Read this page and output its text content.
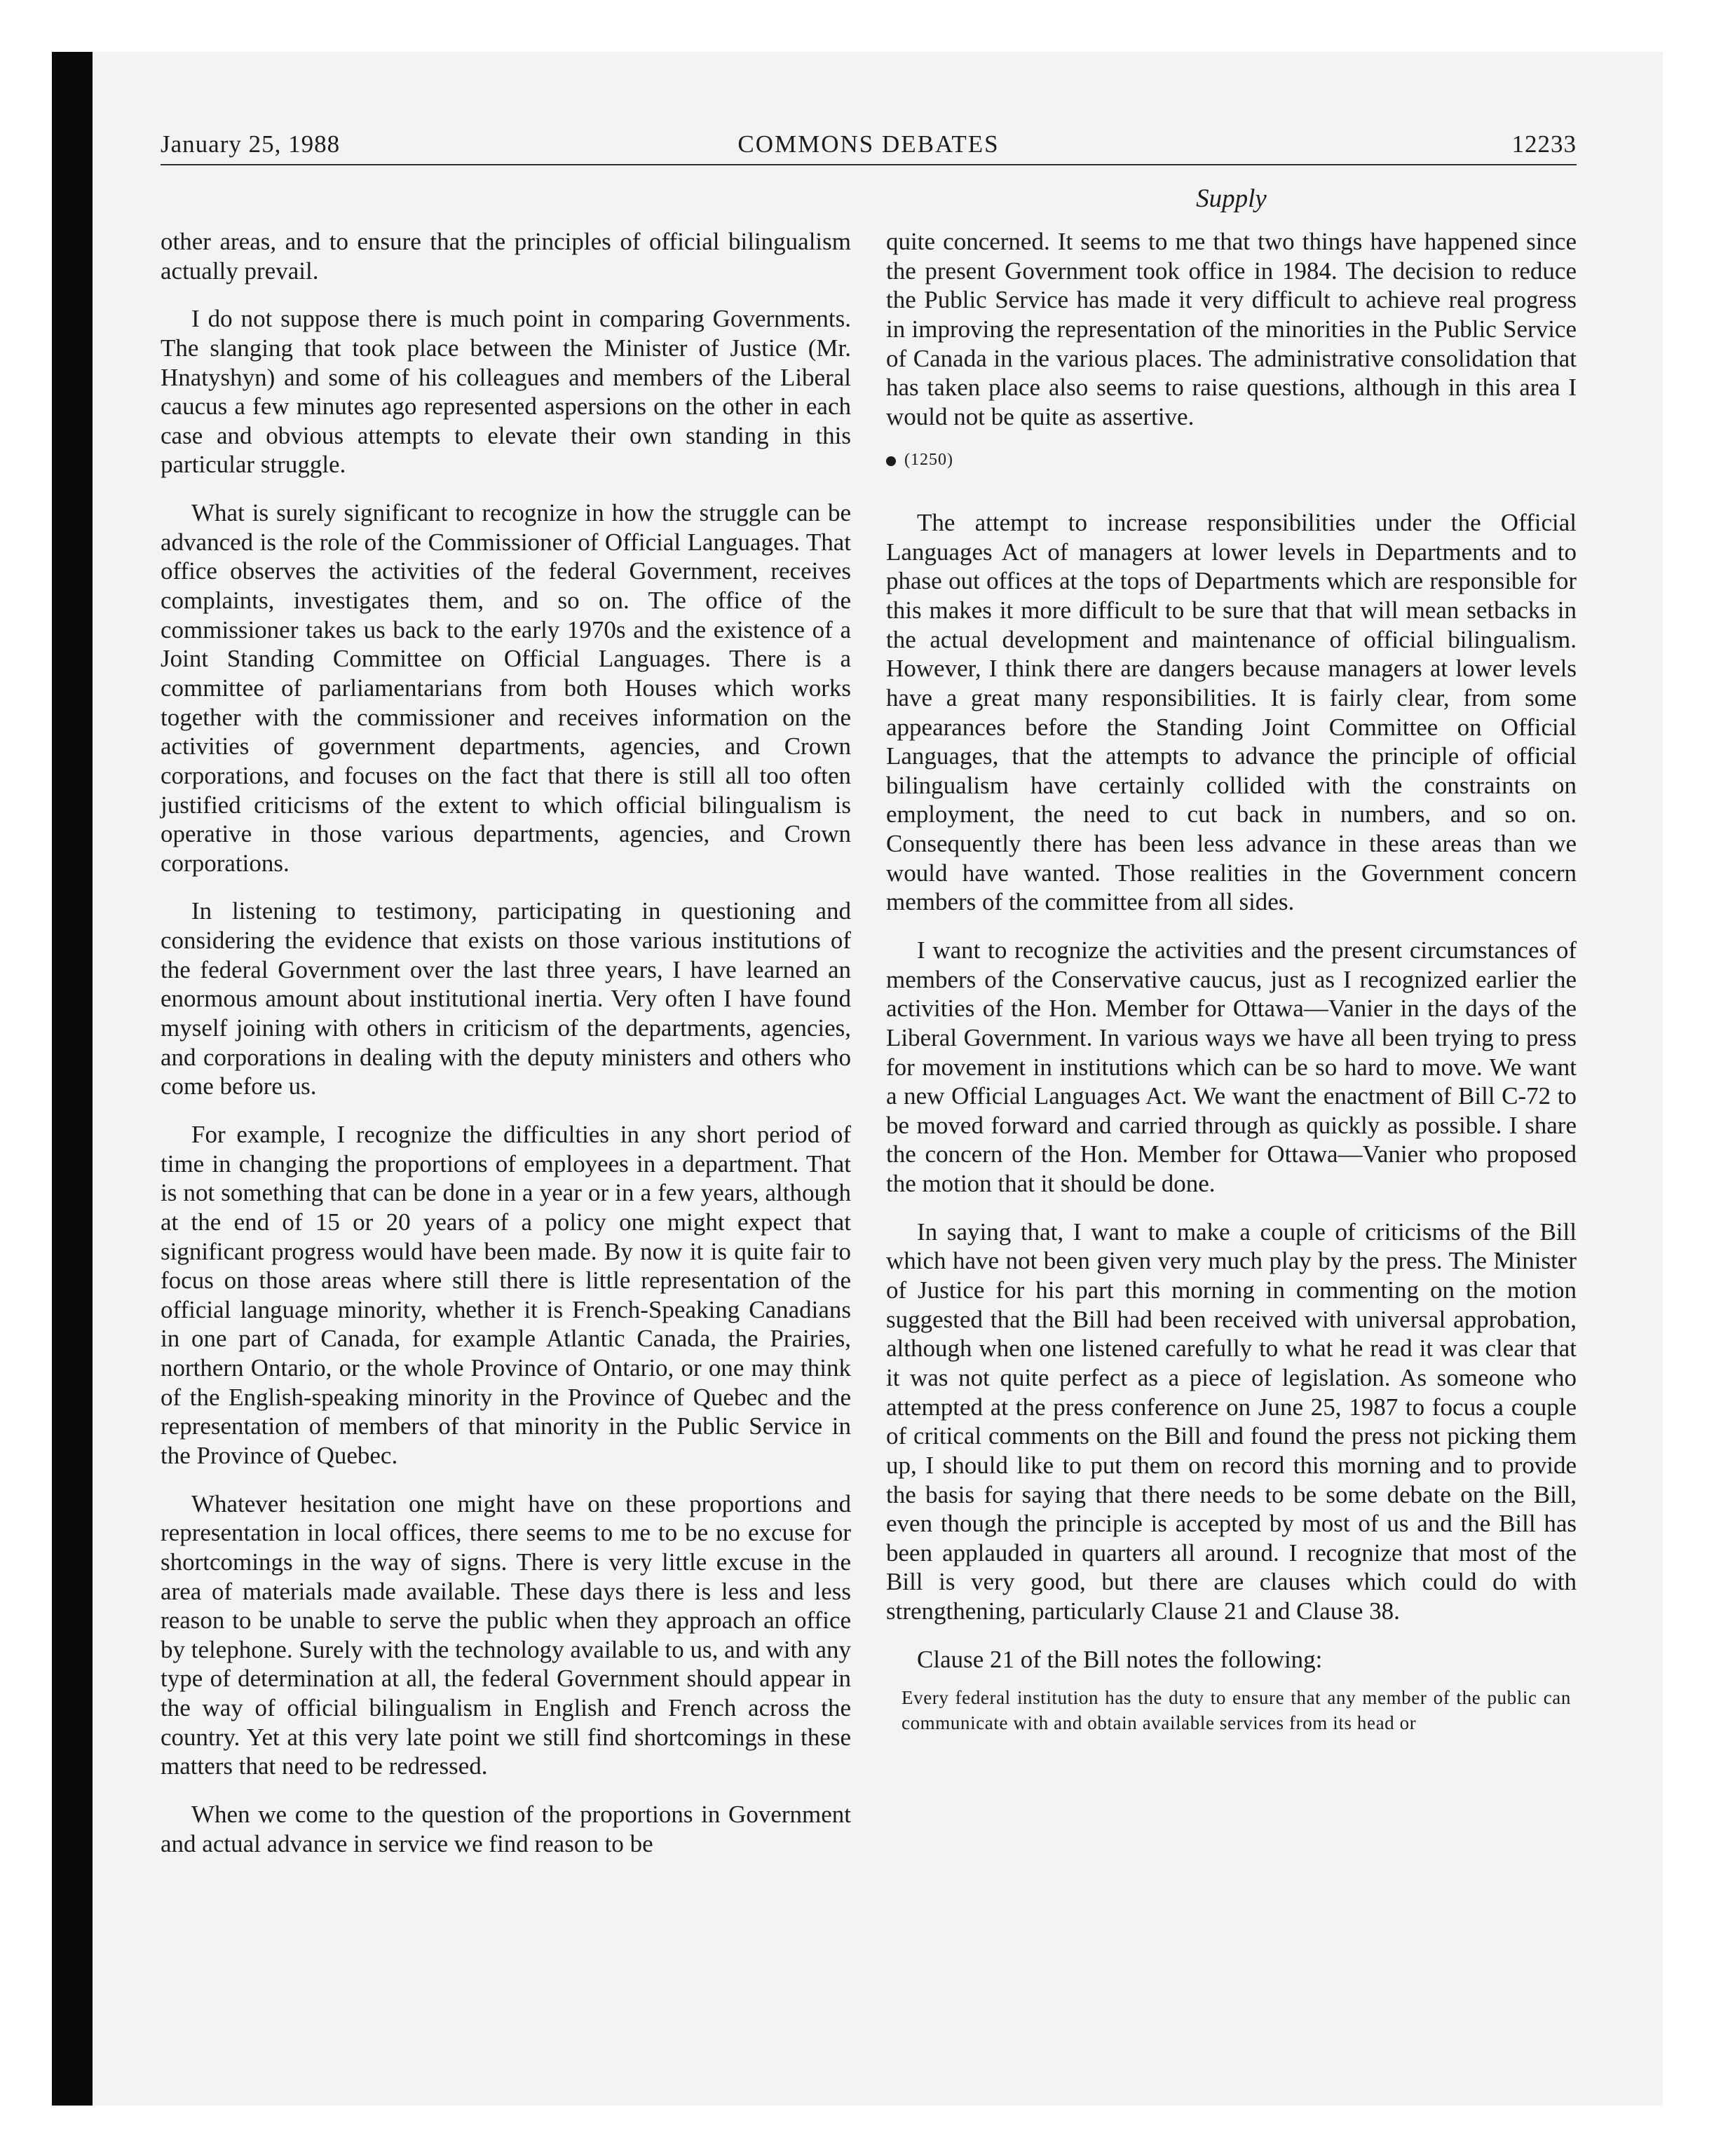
January 25, 1988	COMMONS DEBATES	12233
Supply

other areas, and to ensure that the principles of official bilingualism actually prevail.

I do not suppose there is much point in comparing Governments. The slanging that took place between the Minister of Justice (Mr. Hnatyshyn) and some of his colleagues and members of the Liberal caucus a few minutes ago represented aspersions on the other in each case and obvious attempts to elevate their own standing in this particular struggle.

What is surely significant to recognize in how the struggle can be advanced is the role of the Commissioner of Official Languages. That office observes the activities of the federal Government, receives complaints, investigates them, and so on. The office of the commissioner takes us back to the early 1970s and the existence of a Joint Standing Committee on Official Languages. There is a committee of parliamentarians from both Houses which works together with the commissioner and receives information on the activities of government departments, agencies, and Crown corporations, and focuses on the fact that there is still all too often justified criticisms of the extent to which official bilingualism is operative in those various departments, agencies, and Crown corporations.

In listening to testimony, participating in questioning and considering the evidence that exists on those various institutions of the federal Government over the last three years, I have learned an enormous amount about institutional inertia. Very often I have found myself joining with others in criticism of the departments, agencies, and corporations in dealing with the deputy ministers and others who come before us.

For example, I recognize the difficulties in any short period of time in changing the proportions of employees in a department. That is not something that can be done in a year or in a few years, although at the end of 15 or 20 years of a policy one might expect that significant progress would have been made. By now it is quite fair to focus on those areas where still there is little representation of the official language minority, whether it is French-Speaking Canadians in one part of Canada, for example Atlantic Canada, the Prairies, northern Ontario, or the whole Province of Ontario, or one may think of the English-speaking minority in the Province of Quebec and the representation of members of that minority in the Public Service in the Province of Quebec.

Whatever hesitation one might have on these proportions and representation in local offices, there seems to me to be no excuse for shortcomings in the way of signs. There is very little excuse in the area of materials made available. These days there is less and less reason to be unable to serve the public when they approach an office by telephone. Surely with the technology available to us, and with any type of determination at all, the federal Government should appear in the way of official bilingualism in English and French across the country. Yet at this very late point we still find shortcomings in these matters that need to be redressed.

When we come to the question of the proportions in Government and actual advance in service we find reason to be

quite concerned. It seems to me that two things have happened since the present Government took office in 1984. The decision to reduce the Public Service has made it very difficult to achieve real progress in improving the representation of the minorities in the Public Service of Canada in the various places. The administrative consolidation that has taken place also seems to raise questions, although in this area I would not be quite as assertive.

(1250)

The attempt to increase responsibilities under the Official Languages Act of managers at lower levels in Departments and to phase out offices at the tops of Departments which are responsible for this makes it more difficult to be sure that that will mean setbacks in the actual development and maintenance of official bilingualism. However, I think there are dangers because managers at lower levels have a great many responsibilities. It is fairly clear, from some appearances before the Standing Joint Committee on Official Languages, that the attempts to advance the principle of official bilingualism have certainly collided with the constraints on employment, the need to cut back in numbers, and so on. Consequently there has been less advance in these areas than we would have wanted. Those realities in the Government concern members of the committee from all sides.

I want to recognize the activities and the present circumstances of members of the Conservative caucus, just as I recognized earlier the activities of the Hon. Member for Ottawa—Vanier in the days of the Liberal Government. In various ways we have all been trying to press for movement in institutions which can be so hard to move. We want a new Official Languages Act. We want the enactment of Bill C-72 to be moved forward and carried through as quickly as possible. I share the concern of the Hon. Member for Ottawa—Vanier who proposed the motion that it should be done.

In saying that, I want to make a couple of criticisms of the Bill which have not been given very much play by the press. The Minister of Justice for his part this morning in commenting on the motion suggested that the Bill had been received with universal approbation, although when one listened carefully to what he read it was clear that it was not quite perfect as a piece of legislation. As someone who attempted at the press conference on June 25, 1987 to focus a couple of critical comments on the Bill and found the press not picking them up, I should like to put them on record this morning and to provide the basis for saying that there needs to be some debate on the Bill, even though the principle is accepted by most of us and the Bill has been applauded in quarters all around. I recognize that most of the Bill is very good, but there are clauses which could do with strengthening, particularly Clause 21 and Clause 38.

Clause 21 of the Bill notes the following:

Every federal institution has the duty to ensure that any member of the public can communicate with and obtain available services from its head or
